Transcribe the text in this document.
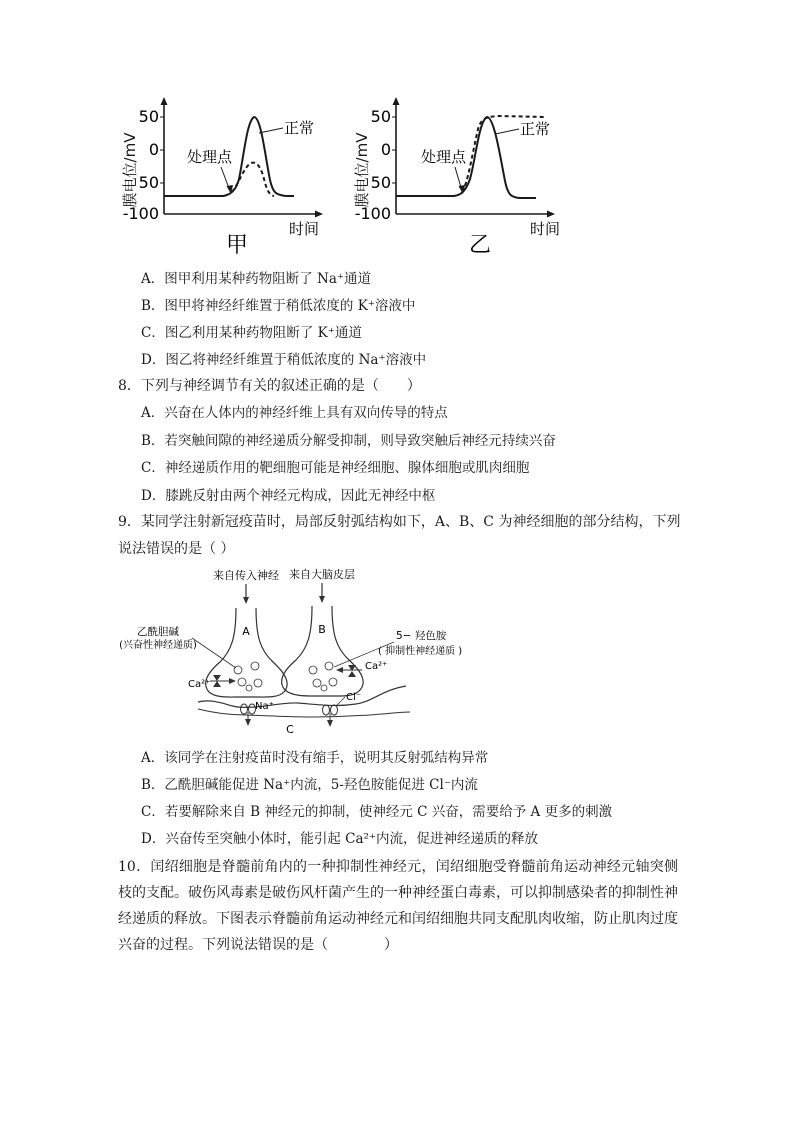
膜电位/mV
50
0
50
-100
正常
处理点
时间
甲
膜电位/mV
50
0
50
-100
正常
处理点
时间
乙
A．图甲利用某种药物阻断了 Na⁺通道
B．图甲将神经纤维置于稍低浓度的 K⁺溶液中
C．图乙利用某种药物阻断了 K⁺通道
D．图乙将神经纤维置于稍低浓度的 Na⁺溶液中
8．下列与神经调节有关的叙述正确的是（　　）
A．兴奋在人体内的神经纤维上具有双向传导的特点
B．若突触间隙的神经递质分解受抑制，则导致突触后神经元持续兴奋
C．神经递质作用的靶细胞可能是神经细胞、腺体细胞或肌肉细胞
D．膝跳反射由两个神经元构成，因此无神经中枢
9．某同学注射新冠疫苗时，局部反射弧结构如下，A、B、C 为神经细胞的部分结构，下列
说法错误的是（ ）
来自传入神经 来自大脑皮层
A	B
乙酰胆碱
(兴奋性神经递质)
5− 羟色胺
( 抑制性神经递质 )
Ca²⁺
Ca²⁺
Na⁺
Cl⁻
C
A．该同学在注射疫苗时没有缩手，说明其反射弧结构异常
B．乙酰胆碱能促进 Na⁺内流，5-羟色胺能促进 Cl⁻内流
C．若要解除来自 B 神经元的抑制，使神经元 C 兴奋，需要给予 A 更多的刺激
D．兴奋传至突触小体时，能引起 Ca²⁺内流，促进神经递质的释放
10．闰绍细胞是脊髓前角内的一种抑制性神经元，闰绍细胞受脊髓前角运动神经元轴突侧枝的支配。破伤风毒素是破伤风杆菌产生的一种神经蛋白毒素，可以抑制感染者的抑制性神经递质的释放。下图表示脊髓前角运动神经元和闰绍细胞共同支配肌肉收缩，防止肌肉过度兴奋的过程。下列说法错误的是（　　　　）
